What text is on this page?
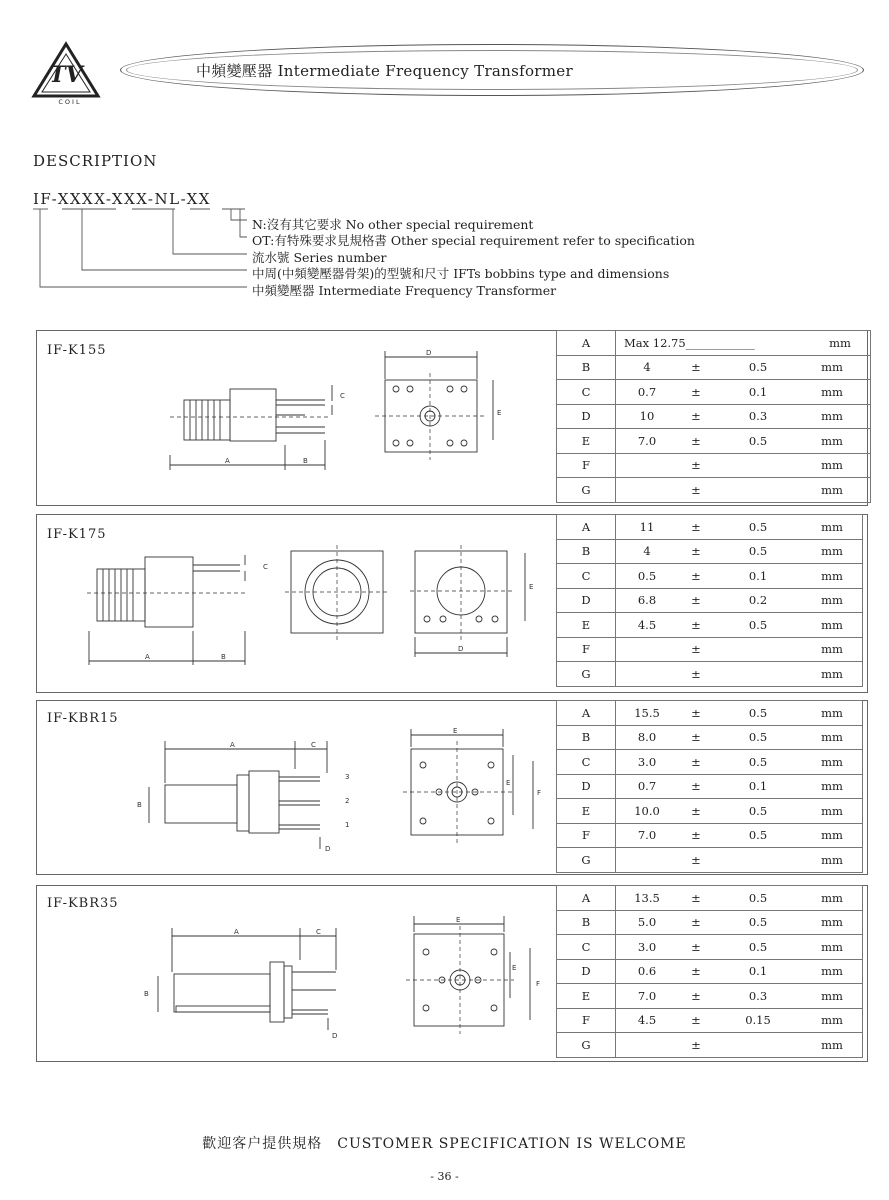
TV
COIL
中頻變壓器 Intermediate Frequency Transformer
DESCRIPTION
IF-XXXX-XXX-NL-XX
N:沒有其它要求 No other special requirement
OT:有特殊要求見規格書 Other special requirement refer to specification
流水號 Series number
中周(中頻變壓器骨架)的型號和尺寸 IFTs bobbins type and dimensions
中頻變壓器 Intermediate Frequency Transformer
IF-K155
A	Max 12.75____________ mm

B	4 ± 0.5 mm

C	0.7 ± 0.1 mm

D	10 ± 0.3 mm

E	7.0 ± 0.5 mm

F	± mm

G	± mm
A	B
C
D
E
IF-K175
A	11 ± 0.5 mm

B	4 ± 0.5 mm

C	0.5 ± 0.1 mm

D	6.8 ± 0.2 mm

E	4.5 ± 0.5 mm

F	± mm

G	± mm
A	B
C
D
E
IF-KBR15	A	15.5 ± 0.5 mm

B	8.0 ± 0.5 mm

C	3.0 ± 0.5 mm

D	0.7 ± 0.1 mm

E	10.0 ± 0.5 mm

F	7.0 ± 0.5 mm

G	± mm
A	C
B
D
3
2
1
E
E
F
IF-KBR35	A	13.5 ± 0.5 mm

B	5.0 ± 0.5 mm

C	3.0 ± 0.5 mm

D	0.6 ± 0.1 mm

E	7.0 ± 0.3 mm

F	4.5 ± 0.15 mm

G	± mm
A	C
B
D
E
E
F
歡迎客户提供規格　CUSTOMER SPECIFICATION IS WELCOME
- 36 -
